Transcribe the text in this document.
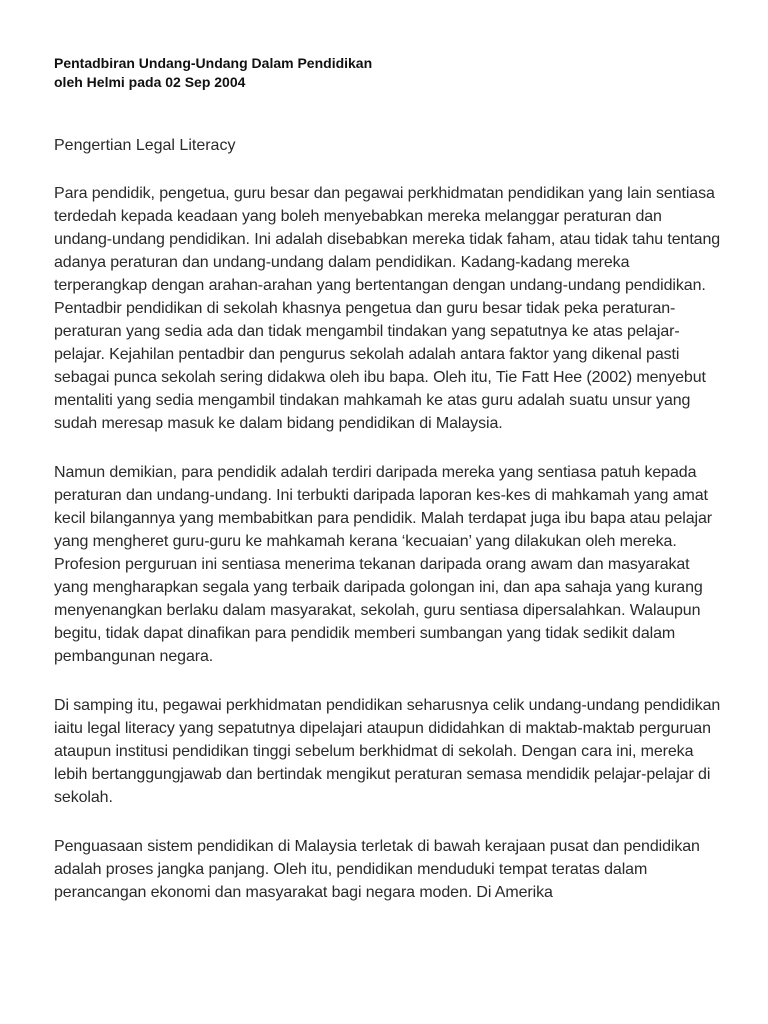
Pentadbiran Undang-Undang Dalam Pendidikan

oleh Helmi pada 02 Sep 2004

Pengertian Legal Literacy

Para pendidik, pengetua, guru besar dan pegawai perkhidmatan pendidikan yang lain sentiasa terdedah kepada keadaan yang boleh menyebabkan mereka melanggar peraturan dan undang-undang pendidikan. Ini adalah disebabkan mereka tidak faham, atau tidak tahu tentang adanya peraturan dan undang-undang dalam pendidikan. Kadang-kadang mereka terperangkap dengan arahan-arahan yang bertentangan dengan undang-undang pendidikan. Pentadbir pendidikan di sekolah khasnya pengetua dan guru besar tidak peka peraturan-peraturan yang sedia ada dan tidak mengambil tindakan yang sepatutnya ke atas pelajar-pelajar. Kejahilan pentadbir dan pengurus sekolah adalah antara faktor yang dikenal pasti sebagai punca sekolah sering didakwa oleh ibu bapa. Oleh itu, Tie Fatt Hee (2002) menyebut mentaliti yang sedia mengambil tindakan mahkamah ke atas guru adalah suatu unsur yang sudah meresap masuk ke dalam bidang pendidikan di Malaysia.

Namun demikian, para pendidik adalah terdiri daripada mereka yang sentiasa patuh kepada peraturan dan undang-undang. Ini terbukti daripada laporan kes-kes di mahkamah yang amat kecil bilangannya yang membabitkan para pendidik. Malah terdapat juga ibu bapa atau pelajar yang mengheret guru-guru ke mahkamah kerana ‘kecuaian’ yang dilakukan oleh mereka. Profesion perguruan ini sentiasa menerima tekanan daripada orang awam dan masyarakat yang mengharapkan segala yang terbaik daripada golongan ini, dan apa sahaja yang kurang menyenangkan berlaku dalam masyarakat, sekolah, guru sentiasa dipersalahkan. Walaupun begitu, tidak dapat dinafikan para pendidik memberi sumbangan yang tidak sedikit dalam pembangunan negara.

Di samping itu, pegawai perkhidmatan pendidikan seharusnya celik undang-undang pendidikan iaitu legal literacy yang sepatutnya dipelajari ataupun dididahkan di maktab-maktab perguruan ataupun institusi pendidikan tinggi sebelum berkhidmat di sekolah. Dengan cara ini, mereka lebih bertanggungjawab dan bertindak mengikut peraturan semasa mendidik pelajar-pelajar di sekolah.

Penguasaan sistem pendidikan di Malaysia terletak di bawah kerajaan pusat dan pendidikan adalah proses jangka panjang. Oleh itu, pendidikan menduduki tempat teratas dalam perancangan ekonomi dan masyarakat bagi negara moden. Di Amerika
